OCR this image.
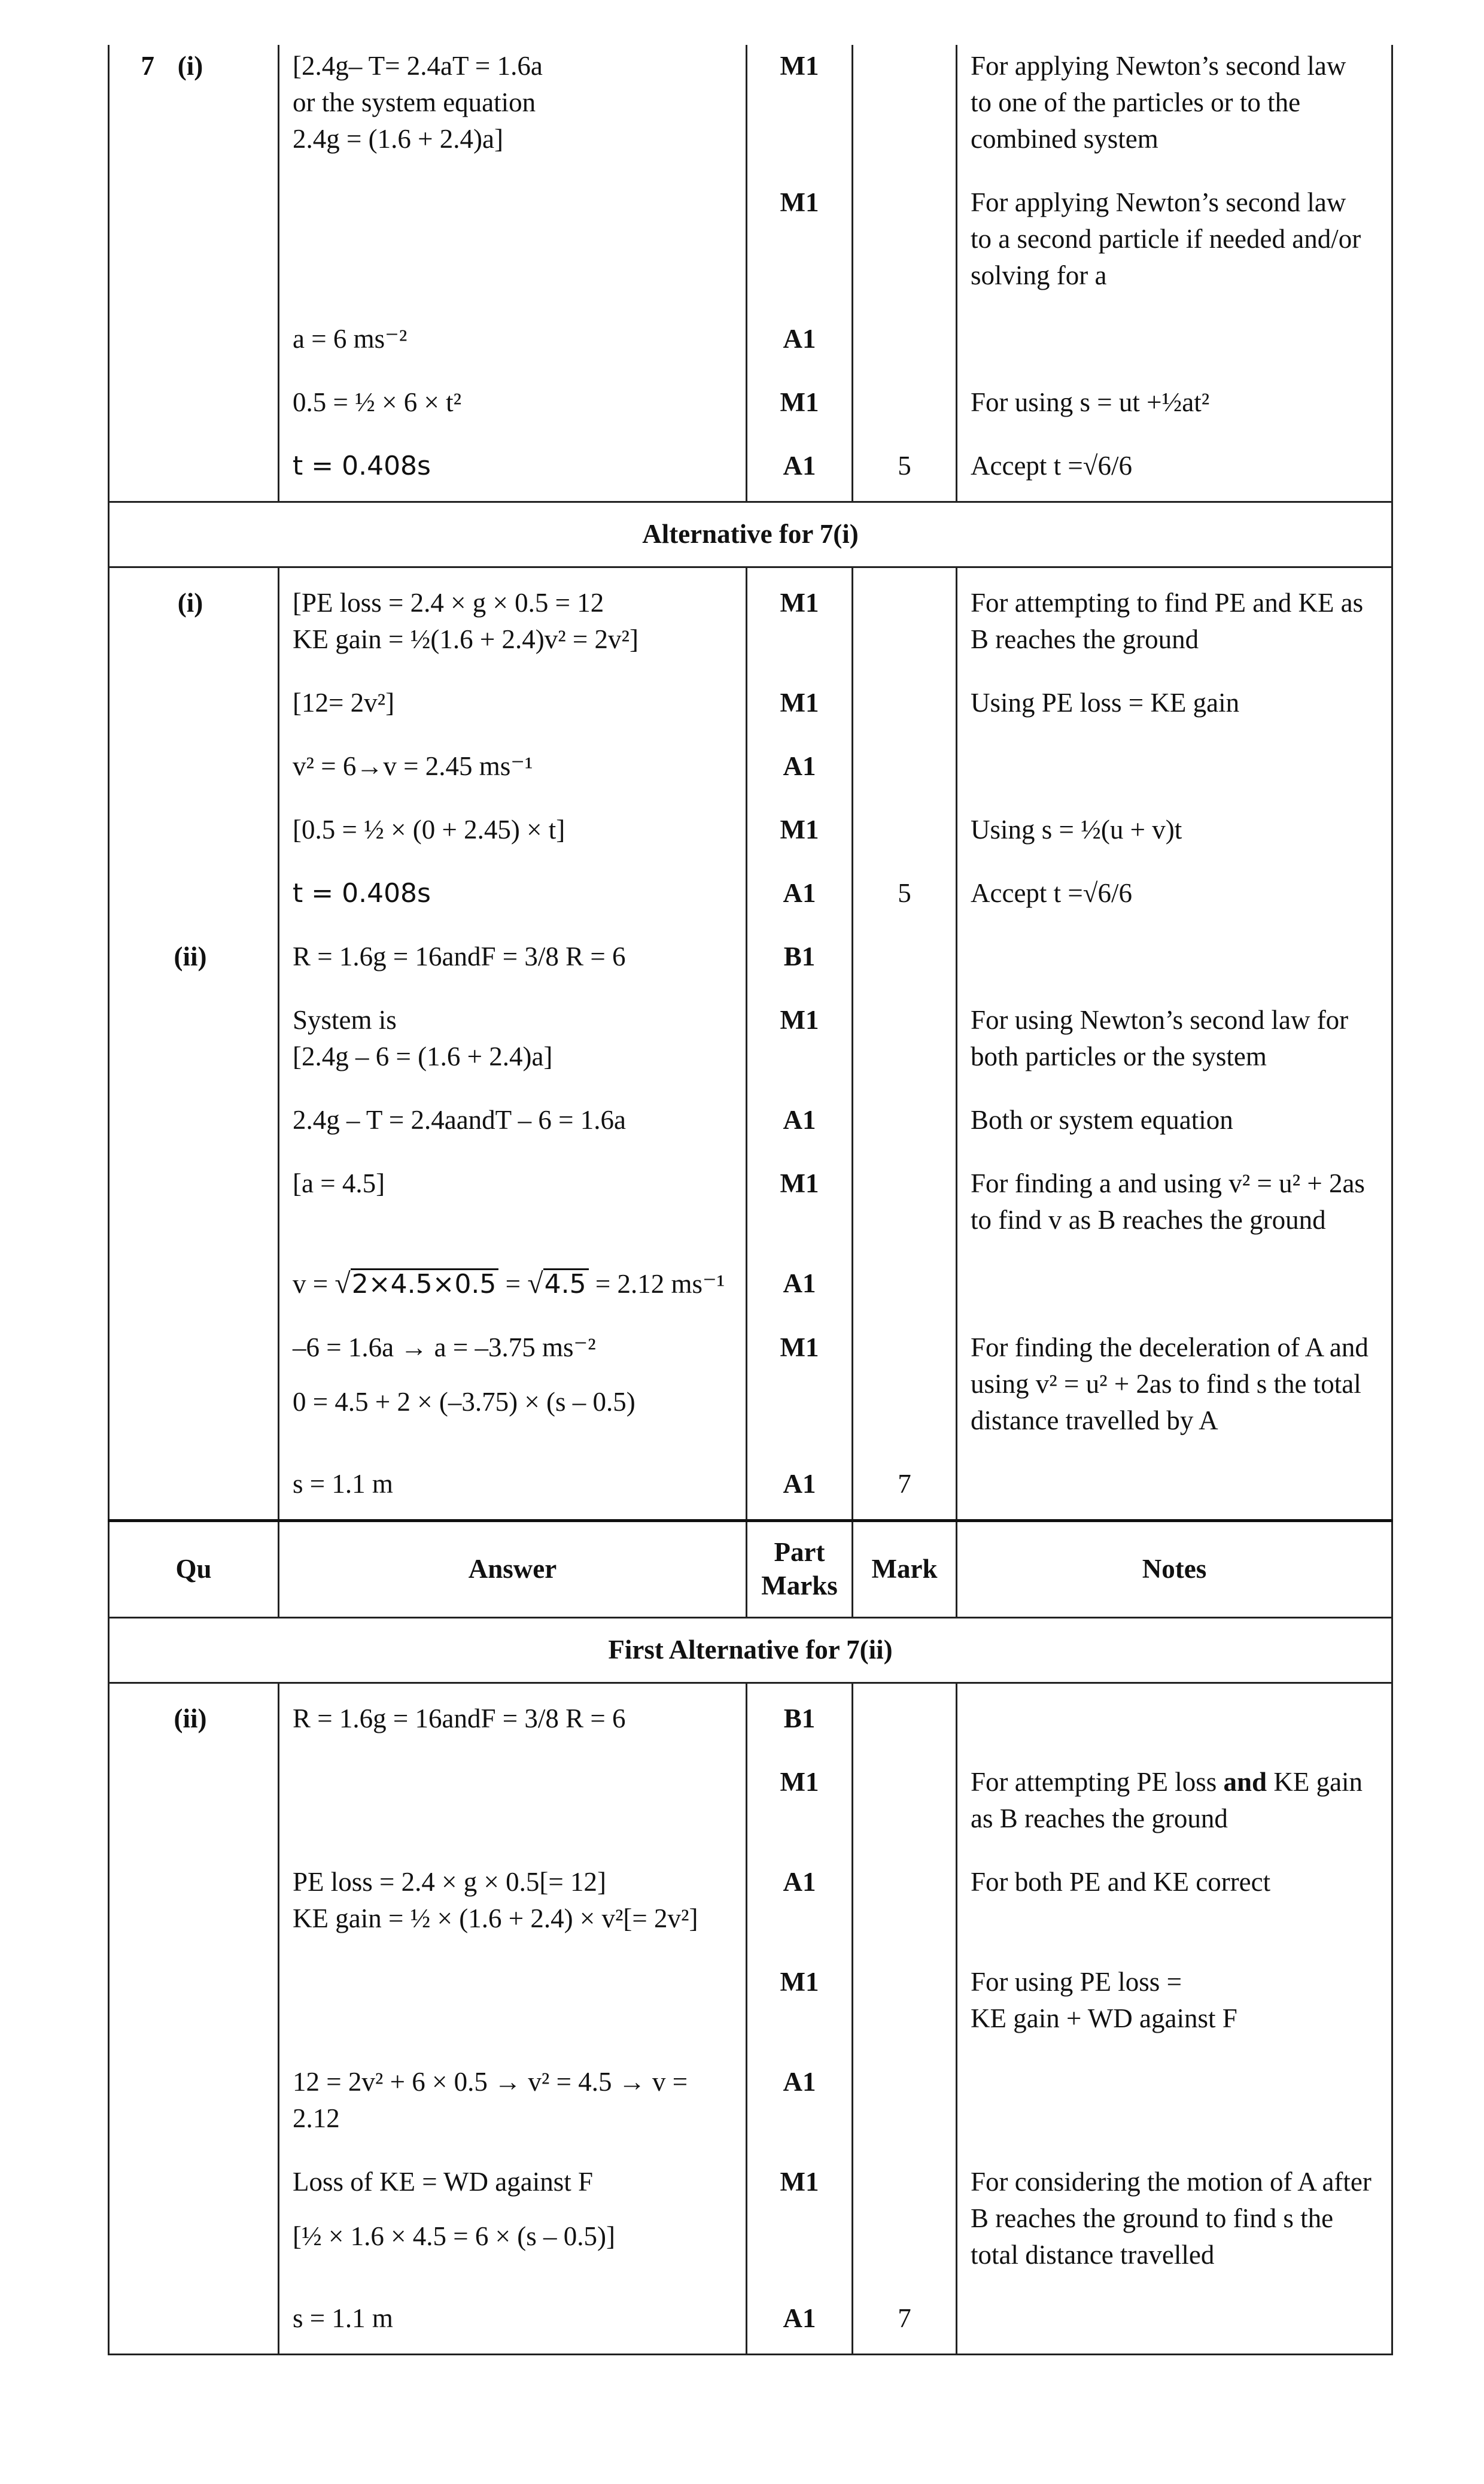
7 (i)	[2.4g– T= 2.4aT = 1.6a
or the system equation
2.4g = (1.6 + 2.4)a]	M1		For applying Newton’s second law to one of the particles or to the combined system
		M1		For applying Newton’s second law to a second particle if needed and/or solving for a
	a = 6 ms⁻²	A1		
	0.5 = ½ × 6 × t²	M1		For using s = ut +½at²
	t = 0.408s	A1	5	Accept t =√6/6
Alternative for 7(i)				
(i)	[PE loss = 2.4 × g × 0.5 = 12
KE gain = ½(1.6 + 2.4)v² = 2v²]	M1		For attempting to find PE and KE as B reaches the ground
	[12= 2v²]	M1		Using PE loss = KE gain
	v² = 6→v = 2.45 ms⁻¹	A1		
	[0.5 = ½ × (0 + 2.45) × t]	M1		Using s = ½(u + v)t
	t = 0.408s	A1	5	Accept t =√6/6
(ii)	R = 1.6g = 16andF = 3/8 R = 6	B1		

	System is
[2.4g – 6 = (1.6 + 2.4)a]	M1		For using Newton’s second law for both particles or the system
	2.4g – T = 2.4aandT – 6 = 1.6a	A1		Both or system equation
	[a = 4.5]	M1		For finding a and using v² = u² + 2as to find v as B reaches the ground
	v = √2×4.5×0.5 = √4.5 = 2.12 ms⁻¹	A1		

	–6 = 1.6a → a = –3.75 ms⁻²
0 = 4.5 + 2 × (–3.75) × (s – 0.5)	M1		For finding the deceleration of A and using v² = u² + 2as to find s the total distance travelled by A
	s = 1.1 m	A1	7	
Qu	Answer	Part Marks	Mark	Notes
First Alternative for 7(ii)				
(ii)	R = 1.6g = 16andF = 3/8 R = 6	B1		
		M1		For attempting PE loss and KE gain as B reaches the ground

	PE loss = 2.4 × g × 0.5[= 12]
KE gain = ½ × (1.6 + 2.4) × v²[= 2v²]	A1		For both PE and KE correct
		M1		For using PE loss =
KE gain + WD against F

	12 = 2v² + 6 × 0.5 → v² = 4.5 → v =
2.12	A1		

	Loss of KE = WD against F
[½ × 1.6 × 4.5 = 6 × (s – 0.5)]	M1		For considering the motion of A after B reaches the ground to find s the total distance travelled
	s = 1.1 m	A1	7	
